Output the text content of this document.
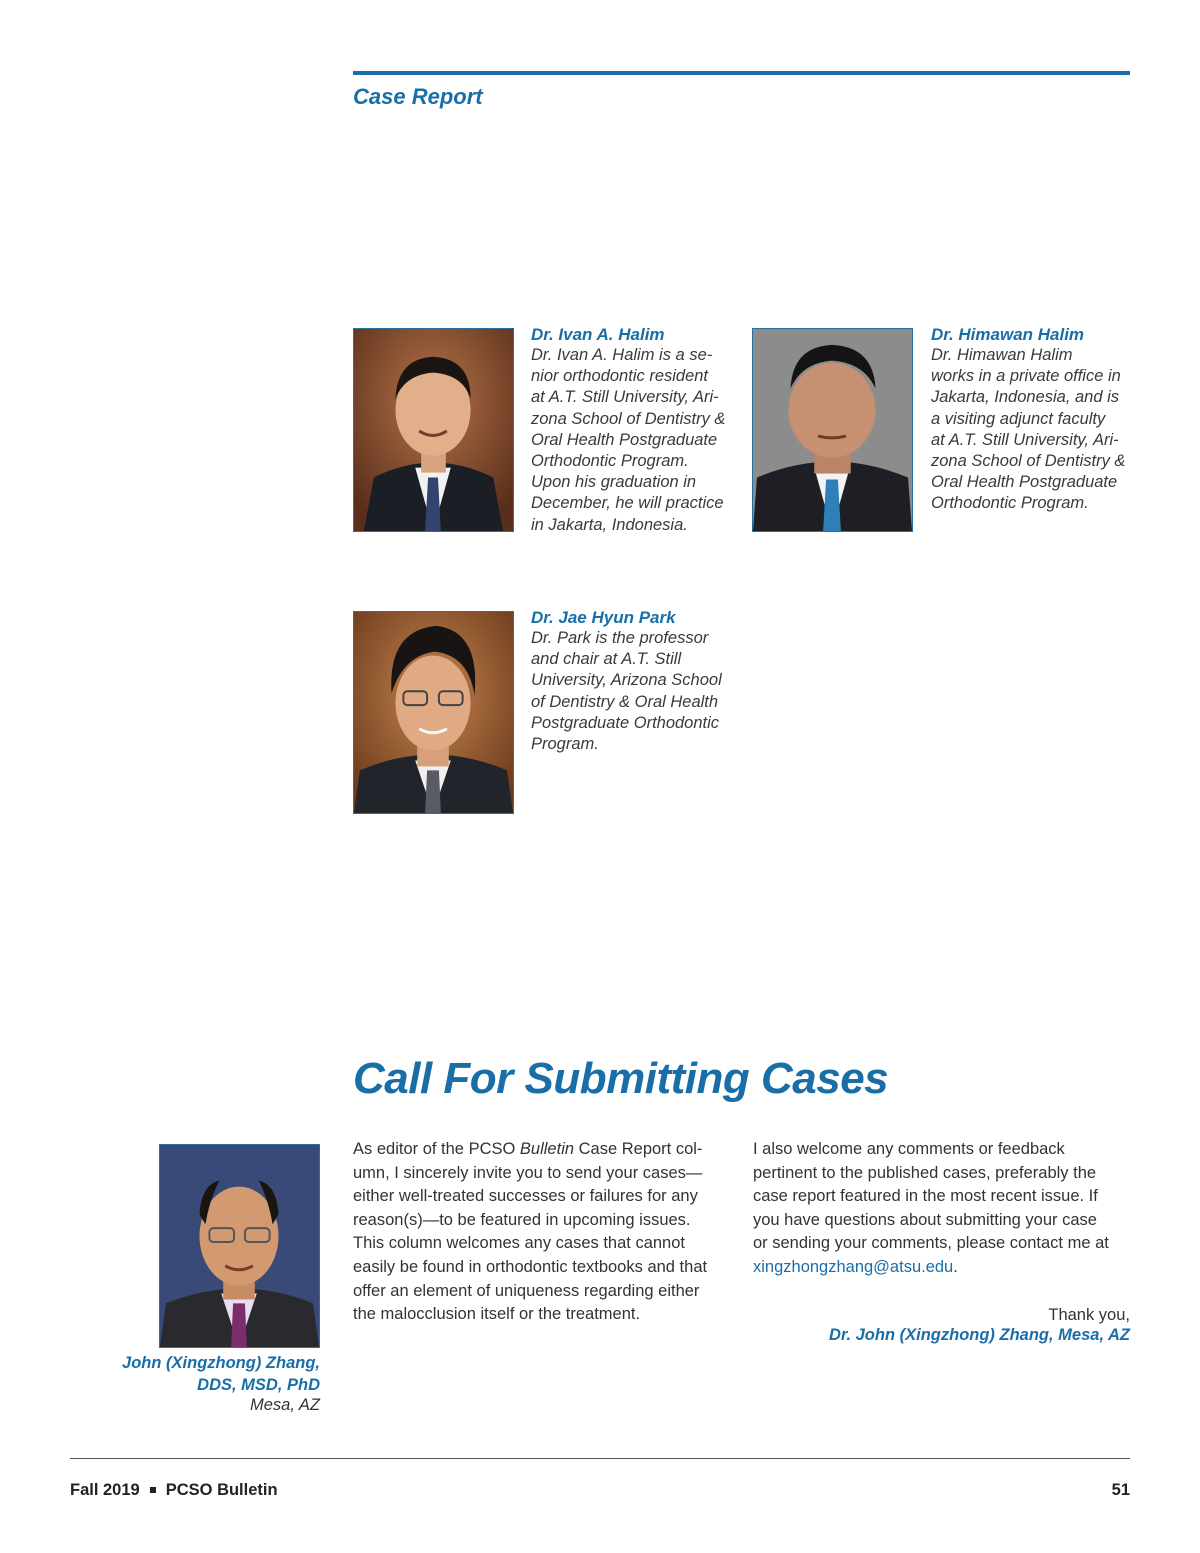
Case Report
Dr. Ivan A. Halim
Dr. Ivan A. Halim is a se-
nior orthodontic resident
at A.T. Still University, Ari-
zona School of Dentistry &
Oral Health Postgraduate
Orthodontic Program.
Upon his graduation in
December, he will practice
in Jakarta, Indonesia.
Dr. Himawan Halim
Dr. Himawan Halim
works in a private office in
Jakarta, Indonesia, and is
a visiting adjunct faculty
at A.T. Still University, Ari-
zona School of Dentistry &
Oral Health Postgraduate
Orthodontic Program.
Dr. Jae Hyun Park
Dr. Park is the professor
and chair at A.T. Still
University, Arizona School
of Dentistry & Oral Health
Postgraduate Orthodontic
Program.
Call For Submitting Cases
As editor of the PCSO Bulletin Case Report col-
umn, I sincerely invite you to send your cases—
either well-treated successes or failures for any
reason(s)—to be featured in upcoming issues.
This column welcomes any cases that cannot
easily be found in orthodontic textbooks and that
offer an element of uniqueness regarding either
the malocclusion itself or the treatment.
I also welcome any comments or feedback
pertinent to the published cases, preferably the
case report featured in the most recent issue. If
you have questions about submitting your case
or sending your comments, please contact me at
xingzhongzhang@atsu.edu.
Thank you,
Dr. John (Xingzhong) Zhang, Mesa, AZ
John (Xingzhong) Zhang,
DDS, MSD, PhD
Mesa, AZ
Fall 2019 PCSO Bulletin	51
